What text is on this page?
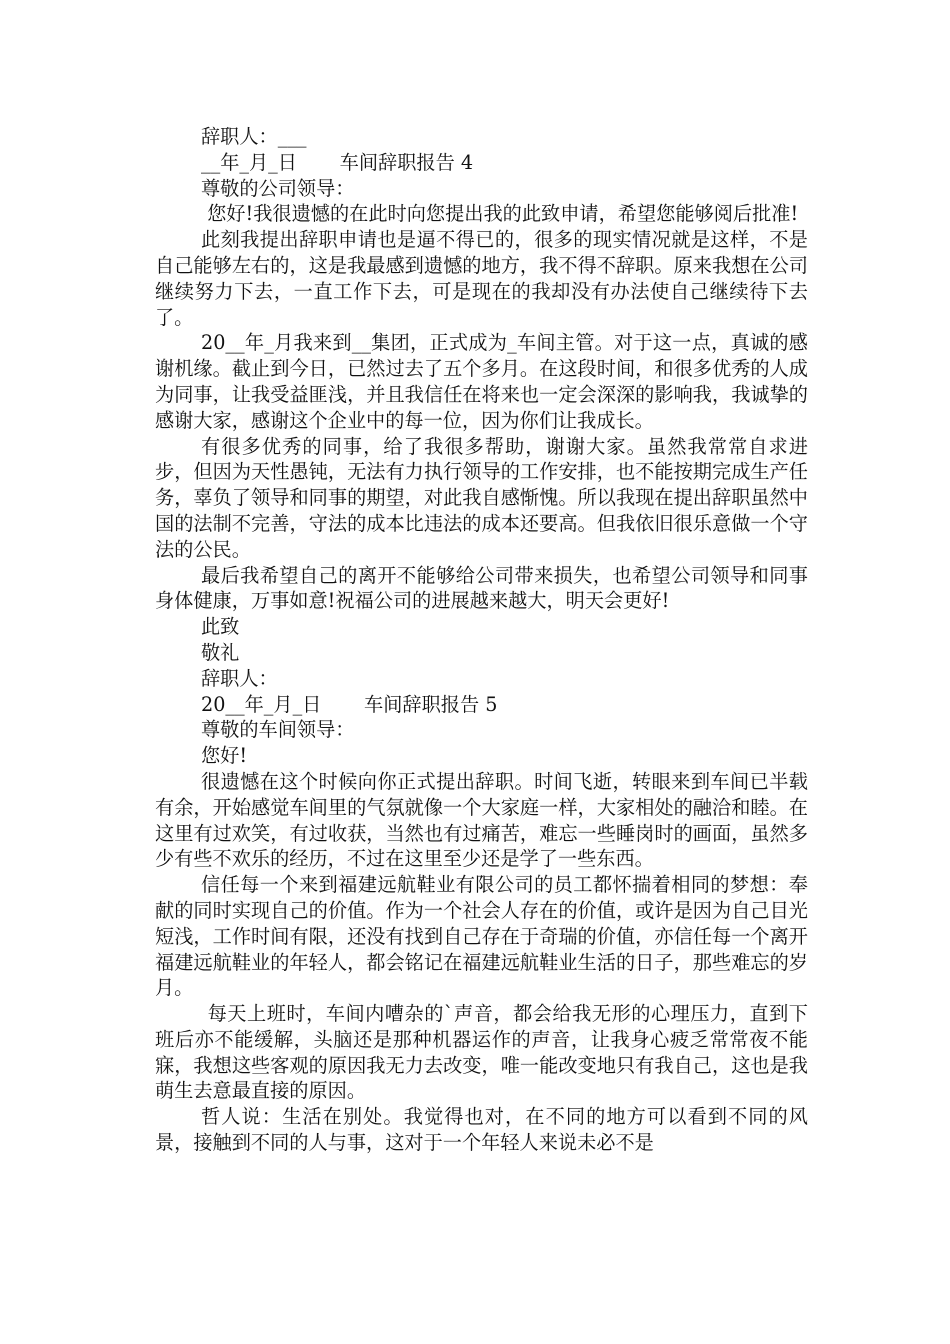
辞职人：___
__年_月_日       车间辞职报告 4
尊敬的公司领导：

您好!我很遗憾的在此时向您提出我的此致申请，希望您能够阅后批准!

此刻我提出辞职申请也是逼不得已的，很多的现实情况就是这样，不是自己能够左右的，这是我最感到遗憾的地方，我不得不辞职。原来我想在公司继续努力下去，一直工作下去，可是现在的我却没有办法使自己继续待下去了。

20__年_月我来到__集团，正式成为_车间主管。对于这一点，真诚的感谢机缘。截止到今日，已然过去了五个多月。在这段时间，和很多优秀的人成为同事，让我受益匪浅，并且我信任在将来也一定会深深的影响我，我诚挚的感谢大家，感谢这个企业中的每一位，因为你们让我成长。

有很多优秀的同事，给了我很多帮助，谢谢大家。虽然我常常自求进步，但因为天性愚钝，无法有力执行领导的工作安排，也不能按期完成生产任务，辜负了领导和同事的期望，对此我自感惭愧。所以我现在提出辞职虽然中国的法制不完善，守法的成本比违法的成本还要高。但我依旧很乐意做一个守法的公民。

最后我希望自己的离开不能够给公司带来损失，也希望公司领导和同事身体健康，万事如意!祝福公司的进展越来越大，明天会更好!

此致
敬礼
辞职人：
20__年_月_日       车间辞职报告 5
尊敬的车间领导：
您好!

很遗憾在这个时候向你正式提出辞职。时间飞逝，转眼来到车间已半载有余，开始感觉车间里的气氛就像一个大家庭一样，大家相处的融洽和睦。在这里有过欢笑，有过收获，当然也有过痛苦，难忘一些睡岗时的画面，虽然多少有些不欢乐的经历，不过在这里至少还是学了一些东西。

信任每一个来到福建远航鞋业有限公司的员工都怀揣着相同的梦想：奉献的同时实现自己的价值。作为一个社会人存在的价值，或许是因为自己目光短浅，工作时间有限，还没有找到自己存在于奇瑞的价值，亦信任每一个离开福建远航鞋业的年轻人，都会铭记在福建远航鞋业生活的日子，那些难忘的岁月。

每天上班时，车间内嘈杂的`声音，都会给我无形的心理压力，直到下班后亦不能缓解，头脑还是那种机器运作的声音，让我身心疲乏常常夜不能寐，我想这些客观的原因我无力去改变，唯一能改变地只有我自己，这也是我萌生去意最直接的原因。

哲人说：生活在别处。我觉得也对，在不同的地方可以看到不同的风景，接触到不同的人与事，这对于一个年轻人来说未必不是
